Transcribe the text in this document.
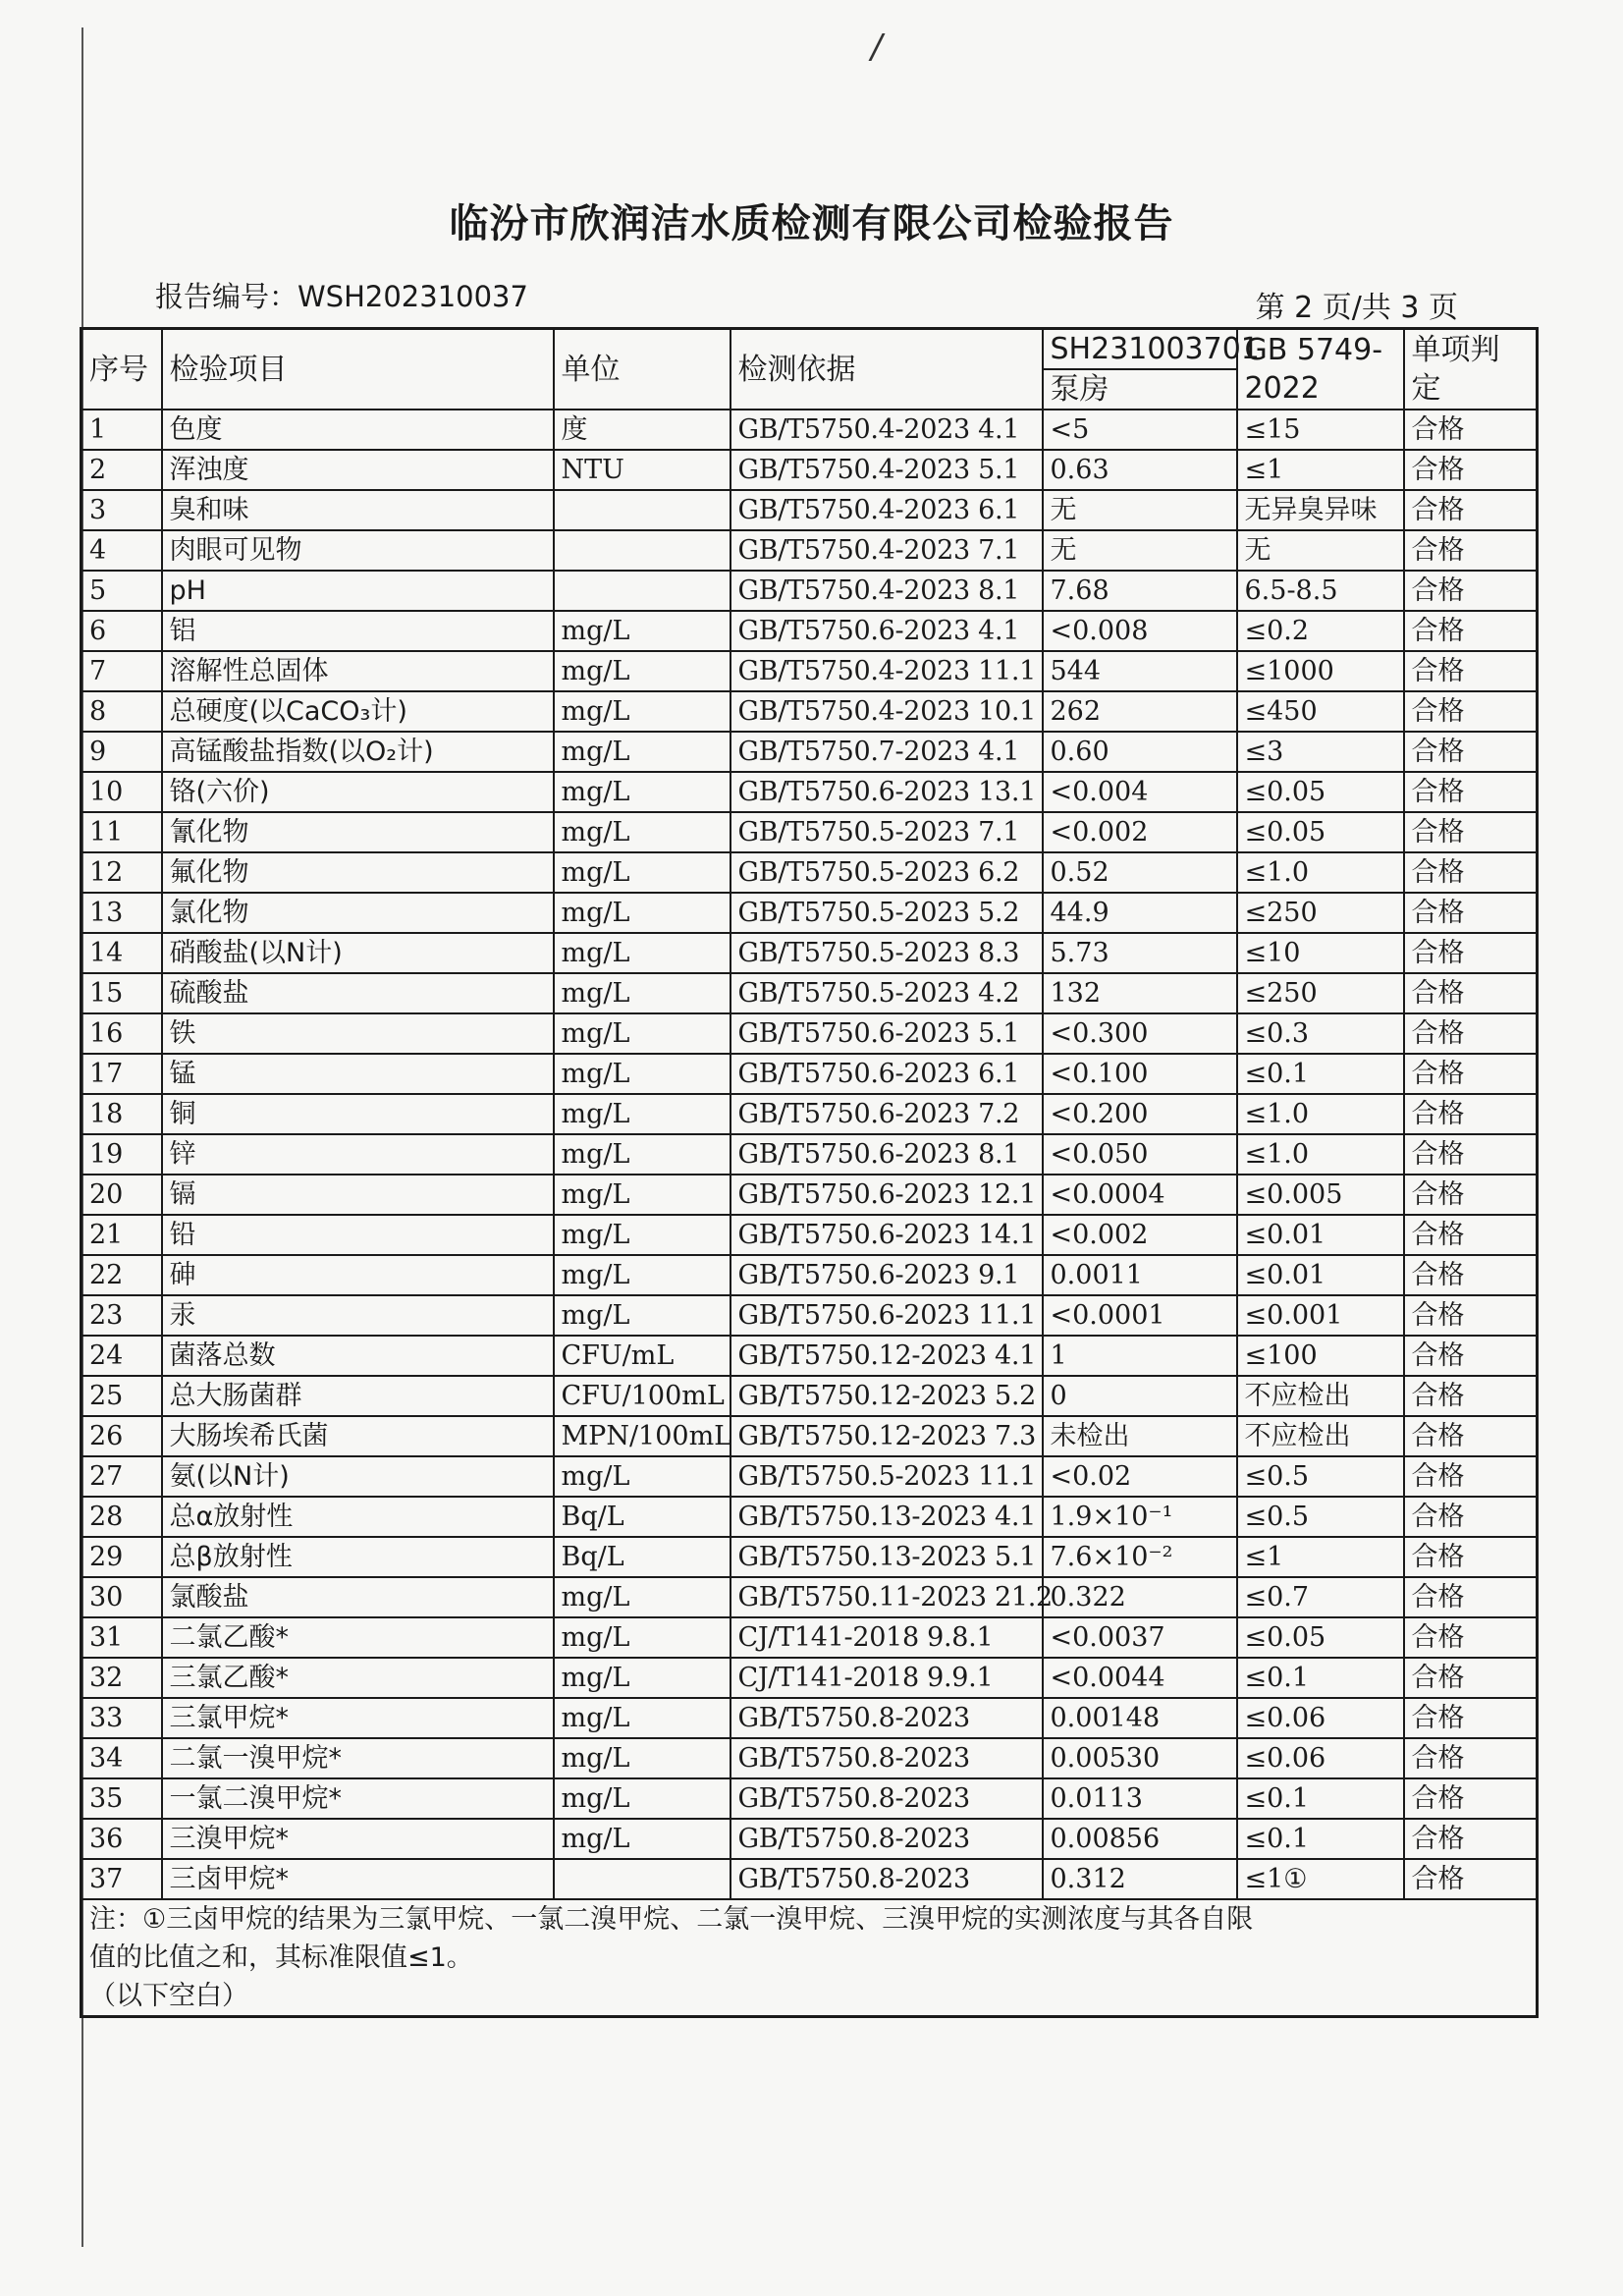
/
临汾市欣润洁水质检测有限公司检验报告
报告编号：WSH202310037	第 2 页/共 3 页
序号	检验项目	单位	检测依据	SH231003701	GB 5749-2022	单项判定
				泵房		
1	色度	度	GB/T5750.4-2023 4.1	<5	≤15	合格
2	浑浊度	NTU	GB/T5750.4-2023 5.1	0.63	≤1	合格
3	臭和味		GB/T5750.4-2023 6.1	无	无异臭异味	合格
4	肉眼可见物		GB/T5750.4-2023 7.1	无	无	合格
5	pH		GB/T5750.4-2023 8.1	7.68	6.5-8.5	合格
6	铝	mg/L	GB/T5750.6-2023 4.1	<0.008	≤0.2	合格
7	溶解性总固体	mg/L	GB/T5750.4-2023 11.1	544	≤1000	合格
8	总硬度(以CaCO₃计)	mg/L	GB/T5750.4-2023 10.1	262	≤450	合格
9	高锰酸盐指数(以O₂计)	mg/L	GB/T5750.7-2023 4.1	0.60	≤3	合格
10	铬(六价)	mg/L	GB/T5750.6-2023 13.1	<0.004	≤0.05	合格
11	氰化物	mg/L	GB/T5750.5-2023 7.1	<0.002	≤0.05	合格
12	氟化物	mg/L	GB/T5750.5-2023 6.2	0.52	≤1.0	合格
13	氯化物	mg/L	GB/T5750.5-2023 5.2	44.9	≤250	合格
14	硝酸盐(以N计)	mg/L	GB/T5750.5-2023 8.3	5.73	≤10	合格
15	硫酸盐	mg/L	GB/T5750.5-2023 4.2	132	≤250	合格
16	铁	mg/L	GB/T5750.6-2023 5.1	<0.300	≤0.3	合格
17	锰	mg/L	GB/T5750.6-2023 6.1	<0.100	≤0.1	合格
18	铜	mg/L	GB/T5750.6-2023 7.2	<0.200	≤1.0	合格
19	锌	mg/L	GB/T5750.6-2023 8.1	<0.050	≤1.0	合格
20	镉	mg/L	GB/T5750.6-2023 12.1	<0.0004	≤0.005	合格
21	铅	mg/L	GB/T5750.6-2023 14.1	<0.002	≤0.01	合格
22	砷	mg/L	GB/T5750.6-2023 9.1	0.0011	≤0.01	合格
23	汞	mg/L	GB/T5750.6-2023 11.1	<0.0001	≤0.001	合格
24	菌落总数	CFU/mL	GB/T5750.12-2023 4.1	1	≤100	合格
25	总大肠菌群	CFU/100mL	GB/T5750.12-2023 5.2	0	不应检出	合格
26	大肠埃希氏菌	MPN/100mL	GB/T5750.12-2023 7.3	未检出	不应检出	合格
27	氨(以N计)	mg/L	GB/T5750.5-2023 11.1	<0.02	≤0.5	合格
28	总α放射性	Bq/L	GB/T5750.13-2023 4.1	1.9×10⁻¹	≤0.5	合格
29	总β放射性	Bq/L	GB/T5750.13-2023 5.1	7.6×10⁻²	≤1	合格
30	氯酸盐	mg/L	GB/T5750.11-2023 21.2	0.322	≤0.7	合格
31	二氯乙酸*	mg/L	CJ/T141-2018 9.8.1	<0.0037	≤0.05	合格
32	三氯乙酸*	mg/L	CJ/T141-2018 9.9.1	<0.0044	≤0.1	合格
33	三氯甲烷*	mg/L	GB/T5750.8-2023	0.00148	≤0.06	合格
34	二氯一溴甲烷*	mg/L	GB/T5750.8-2023	0.00530	≤0.06	合格
35	一氯二溴甲烷*	mg/L	GB/T5750.8-2023	0.0113	≤0.1	合格
36	三溴甲烷*	mg/L	GB/T5750.8-2023	0.00856	≤0.1	合格
37	三卤甲烷*		GB/T5750.8-2023	0.312	≤1①	合格

注：①三卤甲烷的结果为三氯甲烷、一氯二溴甲烷、二氯一溴甲烷、三溴甲烷的实测浓度与其各自限
值的比值之和，其标准限值≤1。
（以下空白）						
